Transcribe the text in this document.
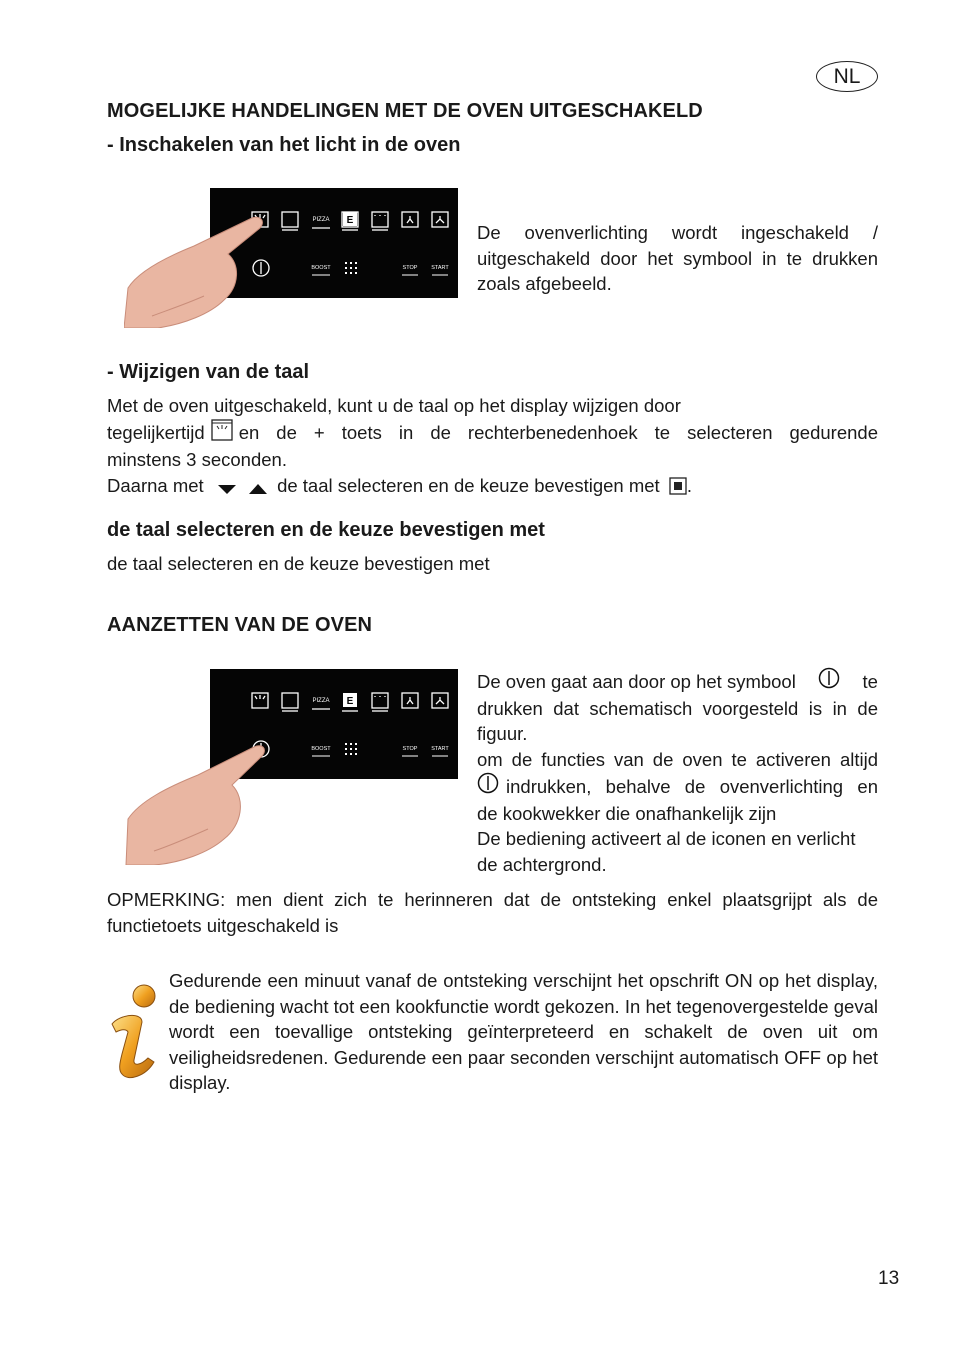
NL
MOGELIJKE HANDELINGEN MET DE OVEN UITGESCHAKELD
- Inschakelen van het licht in de oven
PIZZA E
BOOST	STOP	START
De ovenverlichting wordt ingeschakeld / uitgeschakeld door het symbool in te drukken zoals afgebeeld.
- Wijzigen van de taal
Met de oven uitgeschakeld, kunt u de taal op het display wijzigen door
tegelijkertijd en de + toets in de rechterbenedenhoek te selecteren gedurende
minstens 3 seconden.
Daarna met	de taal selecteren en de keuze bevestigen met .
de taal selecteren en de keuze bevestigen met
de taal selecteren en de keuze bevestigen met
AANZETTEN VAN DE OVEN
PIZZA E
BOOST	STOP	START
De oven gaat aan door op het symbool	te
drukken dat schematisch voorgesteld is in de
figuur.
om de functies van de oven te activeren altijd
indrukken, behalve de ovenverlichting en
de kookwekker die onafhankelijk zijn
De bediening activeert al de iconen en verlicht de achtergrond.
OPMERKING: men dient zich te herinneren dat de ontsteking enkel plaatsgrijpt als de functietoets uitgeschakeld is
Gedurende een minuut vanaf de ontsteking verschijnt het opschrift ON op het display, de bediening wacht tot een kookfunctie wordt gekozen. In het tegenovergestelde geval wordt een toevallige ontsteking geïnterpreteerd en schakelt de oven uit om veiligheidsredenen. Gedurende een paar seconden verschijnt automatisch OFF op het display.
13
